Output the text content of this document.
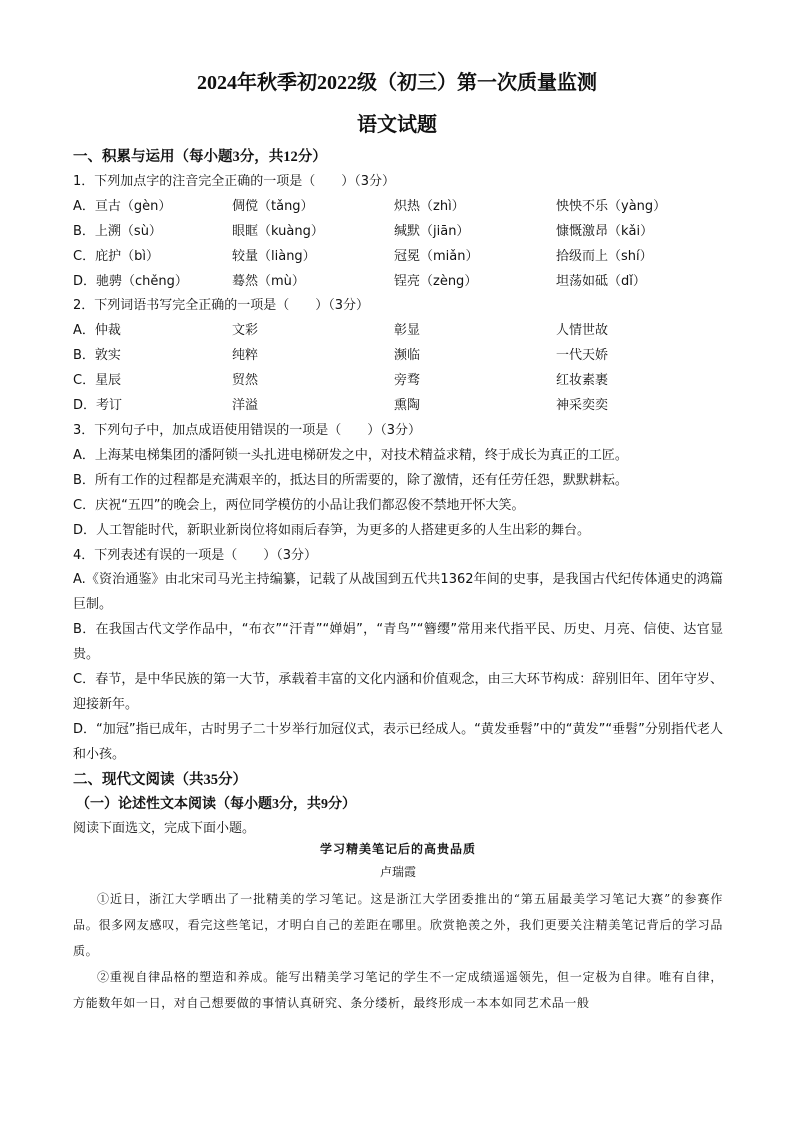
2024年秋季初2022级（初三）第一次质量监测
语文试题
一、积累与运用（每小题3分，共12分）
1．下列加点字的注音完全正确的一项是（　　）（3分）
A．亘古（gèn）	倜傥（tǎng）	炽热（zhì）	怏怏不乐（yàng）
B．上溯（sù）	眼眶（kuàng）	缄默（jiān）	慷慨激昂（kǎi）
C．庇护（bì）	较量（liàng）	冠冕（miǎn）	拾级而上（shí）
D．驰骋（chěng）	蓦然（mù）	锃亮（zèng）	坦荡如砥（dǐ）
2．下列词语书写完全正确的一项是（　　）（3分）
A．仲裁	文彩	彰显	人情世故
B．敦实	纯粹	濒临	一代天娇
C．星辰	贸然	旁骛	红妆素裹
D．考订	洋溢	熏陶	神采奕奕
3．下列句子中，加点成语使用错误的一项是（　　）（3分）
A．上海某电梯集团的潘阿锁一头扎进电梯研发之中，对技术精益求精，终于成长为真正的工匠。
B．所有工作的过程都是充满艰辛的，抵达目的所需要的，除了激情，还有任劳任怨，默默耕耘。
C．庆祝“五四”的晚会上，两位同学模仿的小品让我们都忍俊不禁地开怀大笑。
D．人工智能时代，新职业新岗位将如雨后春笋，为更多的人搭建更多的人生出彩的舞台。
4．下列表述有误的一项是（　　）（3分）
A.《资治通鉴》由北宋司马光主持编纂，记载了从战国到五代共1362年间的史事，是我国古代纪传体通史的鸿篇巨制。
B．在我国古代文学作品中，“布衣”“汗青”“婵娟”，“青鸟”“簪缨”常用来代指平民、历史、月亮、信使、达官显贵。
C．春节，是中华民族的第一大节，承载着丰富的文化内涵和价值观念，由三大环节构成：辞别旧年、团年守岁、迎接新年。
D．“加冠”指已成年，古时男子二十岁举行加冠仪式，表示已经成人。“黄发垂髫”中的“黄发”“垂髫”分别指代老人和小孩。
二、现代文阅读（共35分）
（一）论述性文本阅读（每小题3分，共9分）
阅读下面选文，完成下面小题。
学习精美笔记后的高贵品质
卢瑞霞
①近日，浙江大学晒出了一批精美的学习笔记。这是浙江大学团委推出的“第五届最美学习笔记大赛”的参赛作品。很多网友感叹，看完这些笔记，才明白自己的差距在哪里。欣赏艳羡之外，我们更要关注精美笔记背后的学习品质。
②重视自律品格的塑造和养成。能写出精美学习笔记的学生不一定成绩遥遥领先，但一定极为自律。唯有自律，方能数年如一日，对自己想要做的事情认真研究、条分缕析，最终形成一本本如同艺术品一般
